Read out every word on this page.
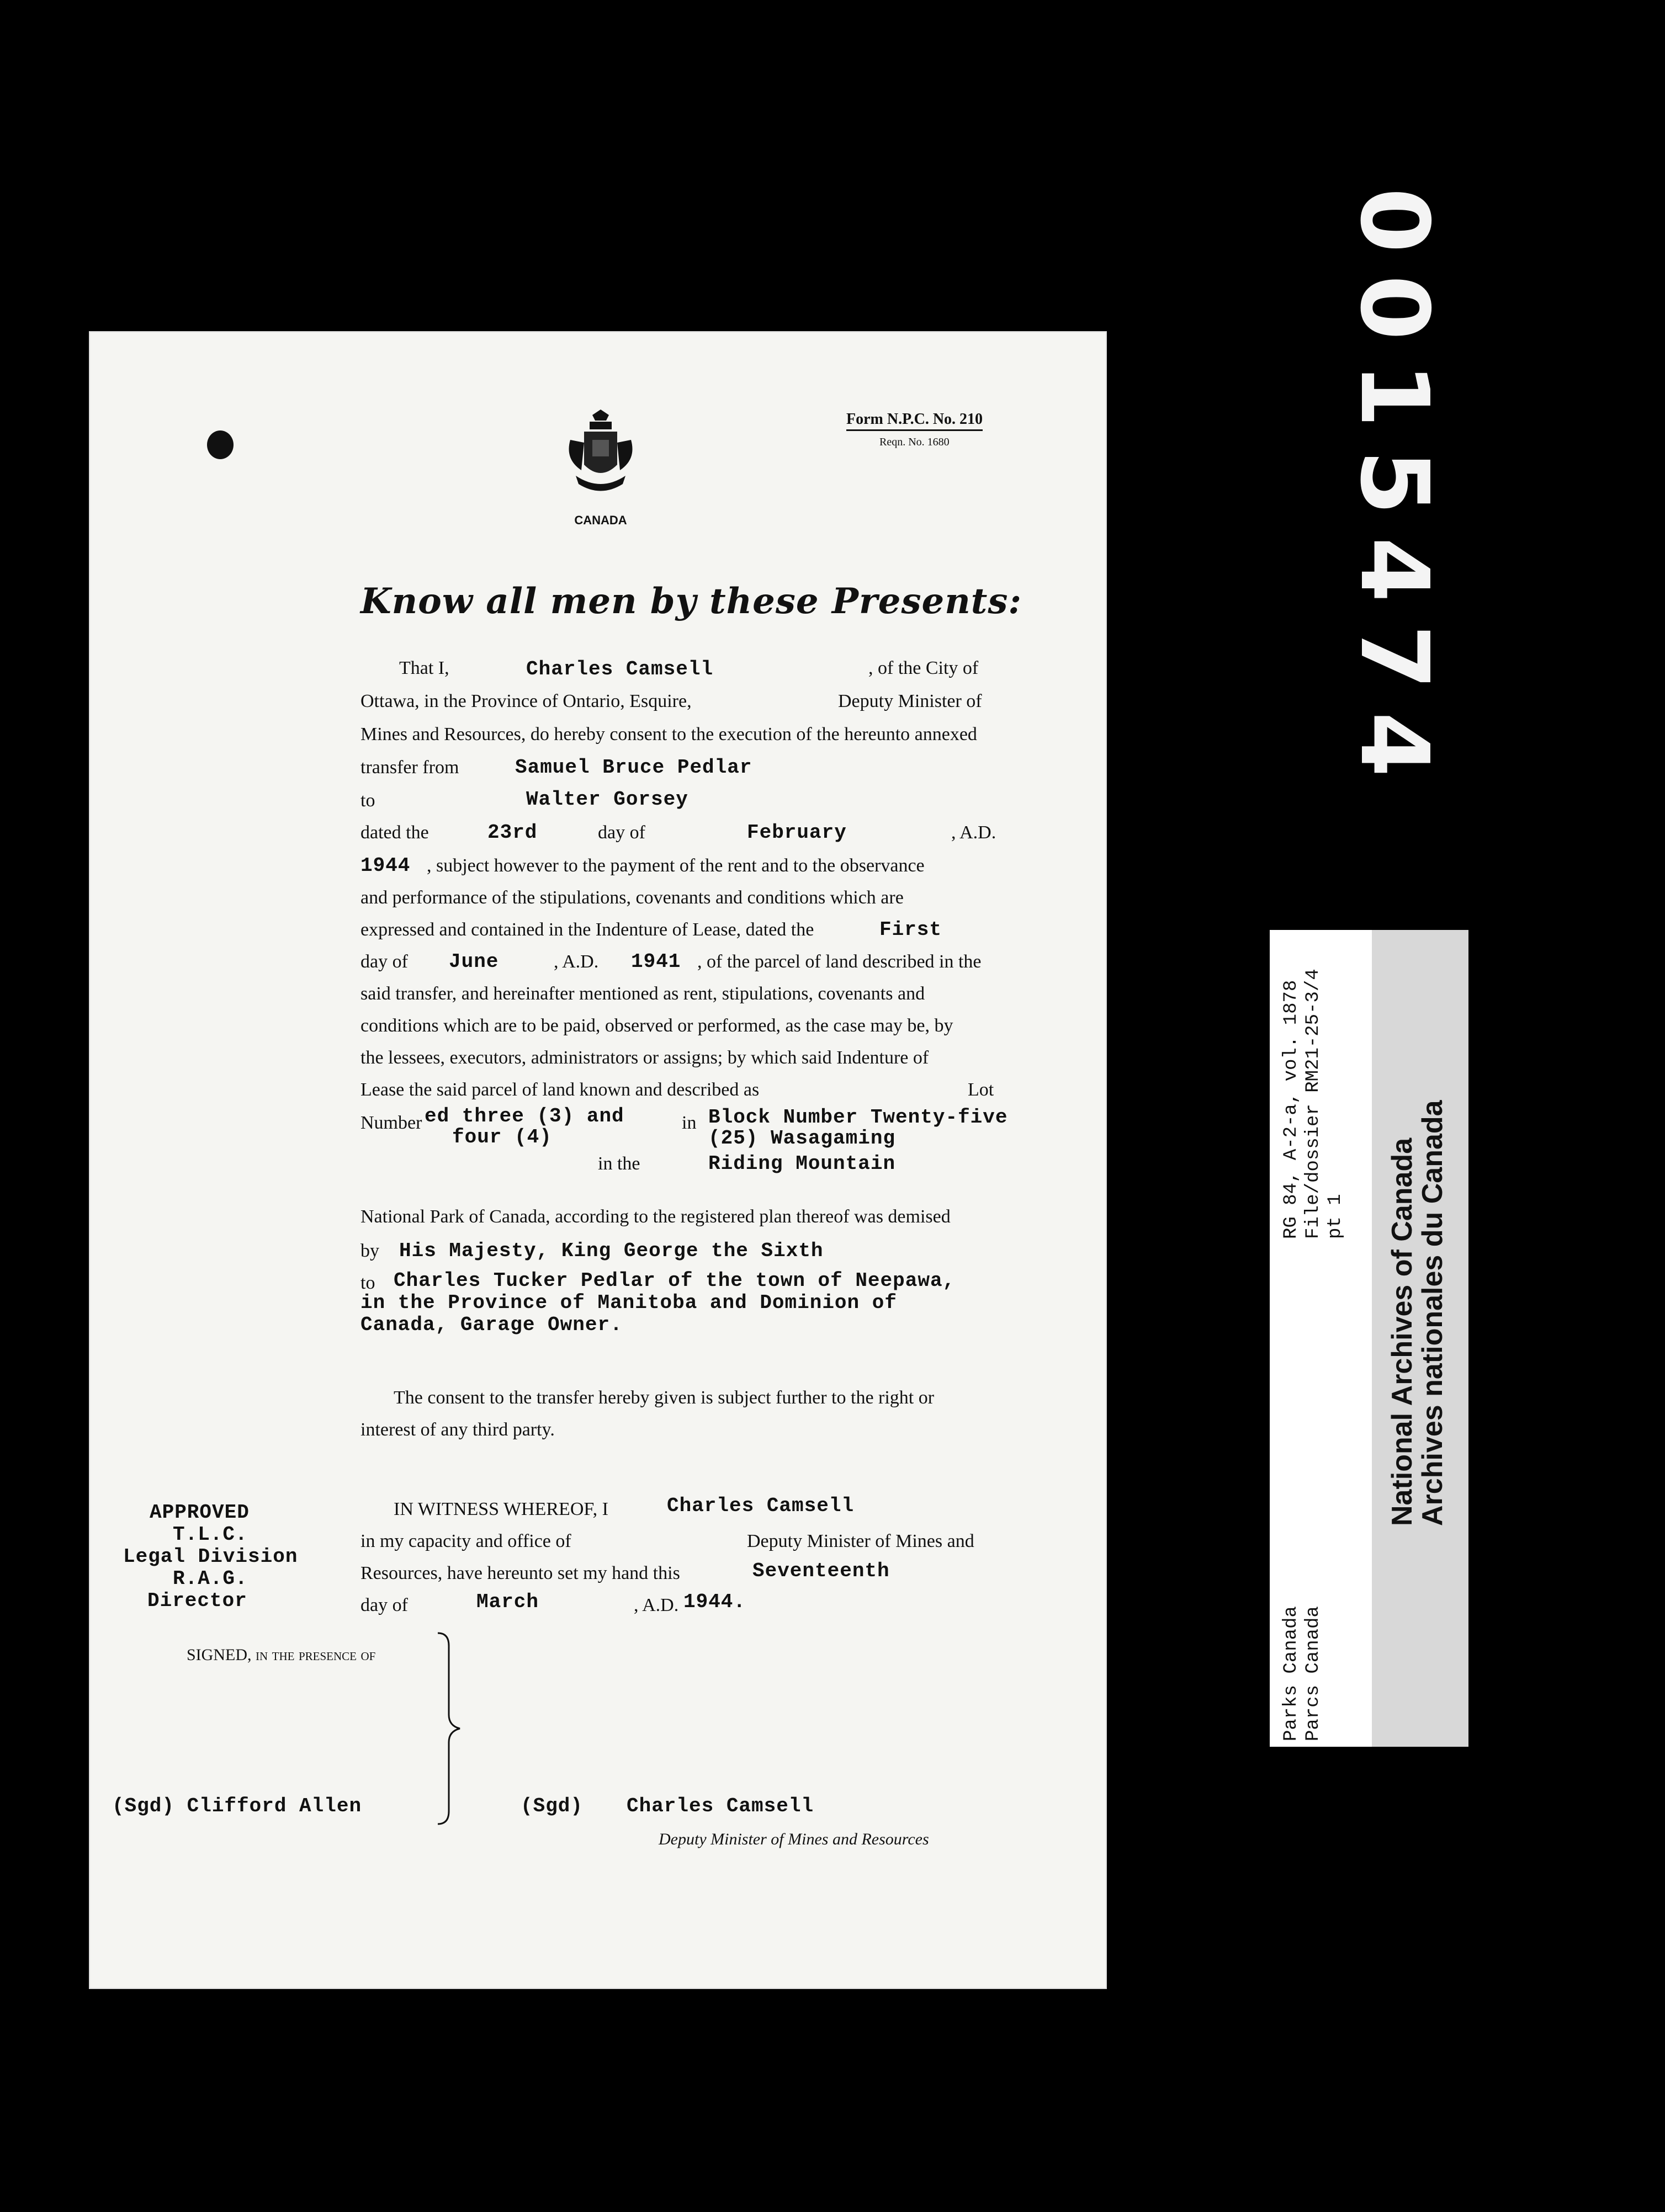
0015474
CANADA
Form N.P.C. No. 210
Reqn. No. 1680
Know all men by these Presents:
That I,	Charles Camsell	, of the City of
Ottawa, in the Province of Ontario, Esquire,	Deputy Minister of
Mines and Resources, do hereby consent to the execution of the hereunto annexed
transfer from	Samuel Bruce Pedlar
to	Walter Gorsey
dated the	23rd	day of	February	, A.D.
1944 , subject however to the payment of the rent and to the observance
and performance of the stipulations, covenants and conditions which are
expressed and contained in the Indenture of Lease, dated the	First
day of June	, A.D. 1941 , of the parcel of land described in the
said transfer, and hereinafter mentioned as rent, stipulations, covenants and
conditions which are to be paid, observed or performed, as the case may be, by
the lessees, executors, administrators or assigns; by which said Indenture of
Lease the said parcel of land known and described as	Lot
Number ed three (3) and
four (4)
in Block Number Twenty-five
(25) Wasagaming
in the	Riding Mountain
National Park of Canada, according to the registered plan thereof was demised
by His Majesty, King George the Sixth
to Charles Tucker Pedlar of the town of Neepawa,
in the Province of Manitoba and Dominion of
Canada, Garage Owner.
The consent to the transfer hereby given is subject further to the right or
interest of any third party.
APPROVED
T.L.C.
Legal Division
R.A.G.
Director
IN WITNESS WHEREOF, I	Charles Camsell
in my capacity and office of	Deputy Minister of Mines and
Resources, have hereunto set my hand this	Seventeenth
day of	March	, A.D. 1944.
SIGNED, in the presence of
(Sgd) Clifford Allen	(Sgd) Charles Camsell
Deputy Minister of Mines and Resources
RG 84, A-2-a, vol. 1878 File/dossier RM21-25-3/4 pt 1
Parks Canada Parcs Canada
National Archives of Canada
Archives nationales du Canada
